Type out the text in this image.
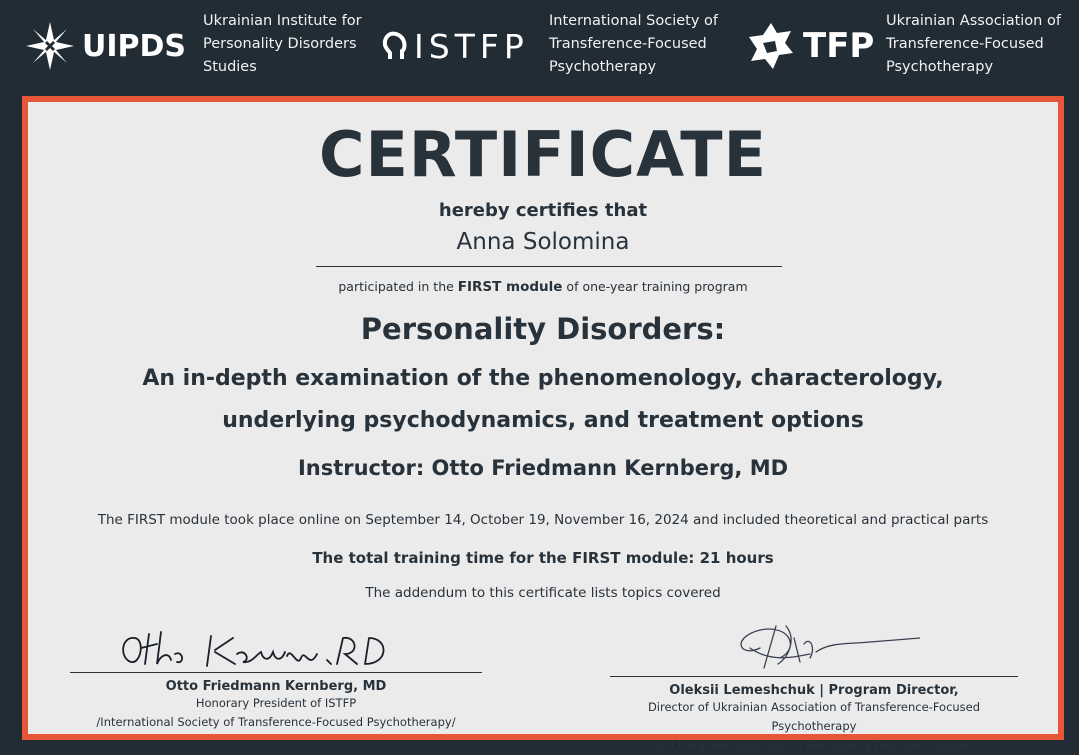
UIPDS
Ukrainian Institute for
Personality Disorders
Studies
ISTFP
International Society of
Transference-Focused
Psychotherapy
TFP
Ukrainian Association of
Transference-Focused
Psychotherapy
CERTIFICATE
hereby certifies that
Anna Solomina
participated in the FIRST module of one-year training program
Personality Disorders:
An in-depth examination of the phenomenology, characterology,
underlying psychodynamics, and treatment options
Instructor: Otto Friedmann Kernberg, MD
The FIRST module took place online on September 14, October 19, November 16, 2024 and included theoretical and practical parts
The total training time for the FIRST module: 21 hours
The addendum to this certificate lists topics covered
Otto Friedmann Kernberg, MD
Honorary President of ISTFP
/International Society of Transference-Focused Psychotherapy/
Oleksii Lemeshchuk | Program Director,
Director of Ukrainian Association of Transference-Focused Psychotherapy
and Ukrainian Institute for Personality Disorders Studies
